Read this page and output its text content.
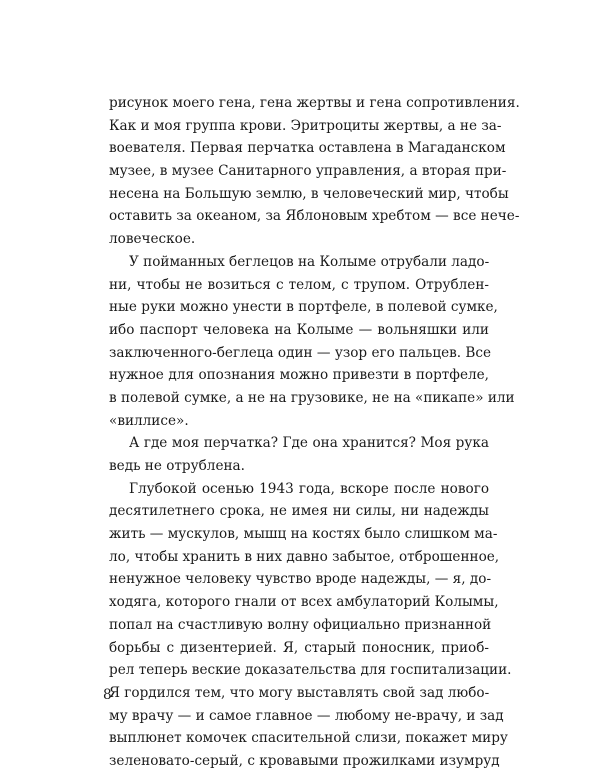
рисунок моего гена, гена жертвы и гена сопротивления.
Как и моя группа крови. Эритроциты жертвы, а не за-
воевателя. Первая перчатка оставлена в Магаданском
музее, в музее Санитарного управления, а вторая при-
несена на Большую землю, в человеческий мир, чтобы
оставить за океаном, за Яблоновым хребтом — все нече-
ловеческое.
У пойманных беглецов на Колыме отрубали ладо-
ни, чтобы не возиться с телом, с трупом. Отрублен-
ные руки можно унести в портфеле, в полевой сумке,
ибо паспорт человека на Колыме — вольняшки или
заключенного-беглеца один — узор его пальцев. Все
нужное для опознания можно привезти в портфеле,
в полевой сумке, а не на грузовике, не на «пикапе» или
«виллисе».
А где моя перчатка? Где она хранится? Моя рука
ведь не отрублена.
Глубокой осенью 1943 года, вскоре после нового
десятилетнего срока, не имея ни силы, ни надежды
жить — мускулов, мышц на костях было слишком ма-
ло, чтобы хранить в них давно забытое, отброшенное,
ненужное человеку чувство вроде надежды, — я, до-
ходяга, которого гнали от всех амбулаторий Колымы,
попал на счастливую волну официально признанной
борьбы с дизентерией. Я, старый поносник, приоб-
рел теперь веские доказательства для госпитализации.
Я гордился тем, что могу выставлять свой зад любо-
му врачу — и самое главное — любому не-врачу, и зад
выплюнет комочек спасительной слизи, покажет миру
зеленовато-серый, с кровавыми прожилками изумруд
8
